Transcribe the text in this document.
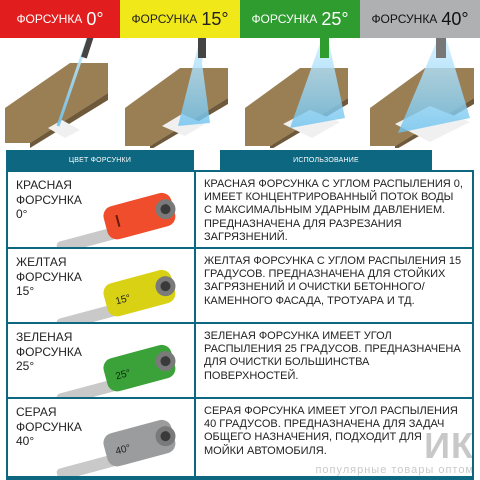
ФОРСУНКА 0° ФОРСУНКА 15° ФОРСУНКА 25° ФОРСУНКА 40°
ЦВЕТ ФОРСУНКИ	ИСПОЛЬЗОВАНИЕ
КРАСНАЯ
ФОРСУНКА
0°
КРАСНАЯ ФОРСУНКА С УГЛОМ РАСПЫЛЕНИЯ 0, ИМЕЕТ КОНЦЕНТРИРОВАННЫЙ ПОТОК ВОДЫ С МАКСИМАЛЬНЫМ УДАРНЫМ ДАВЛЕНИЕМ. ПРЕДНАЗНАЧЕНА ДЛЯ РАЗРЕЗАНИЯ ЗАГРЯЗНЕНИЙ.
ЖЕЛТАЯ
ФОРСУНКА
15°
15°
ЖЕЛТАЯ ФОРСУНКА С УГЛОМ РАСПЫЛЕНИЯ 15 ГРАДУСОВ. ПРЕДНАЗНАЧЕНА ДЛЯ СТОЙКИХ ЗАГРЯЗНЕНИЙ И ОЧИСТКИ БЕТОННОГО/КАМЕННОГО ФАСАДА, ТРОТУАРА И ТД.
ЗЕЛЕНАЯ
ФОРСУНКА
25°
25°
ЗЕЛЕНАЯ ФОРСУНКА ИМЕЕТ УГОЛ РАСПЫЛЕНИЯ 25 ГРАДУСОВ. ПРЕДНАЗНАЧЕНА ДЛЯ ОЧИСТКИ БОЛЬШИНСТВА ПОВЕРХНОСТЕЙ.
СЕРАЯ
ФОРСУНКА
40°
40°
СЕРАЯ ФОРСУНКА ИМЕЕТ УГОЛ РАСПЫЛЕНИЯ 40 ГРАДУСОВ. ПРЕДНАЗНАЧЕНА ДЛЯ ЗАДАЧ ОБЩЕГО НАЗНАЧЕНИЯ, ПОДХОДИТ ДЛЯ МОЙКИ АВТОМОБИЛЯ.	ИК
популярные товары оптом
